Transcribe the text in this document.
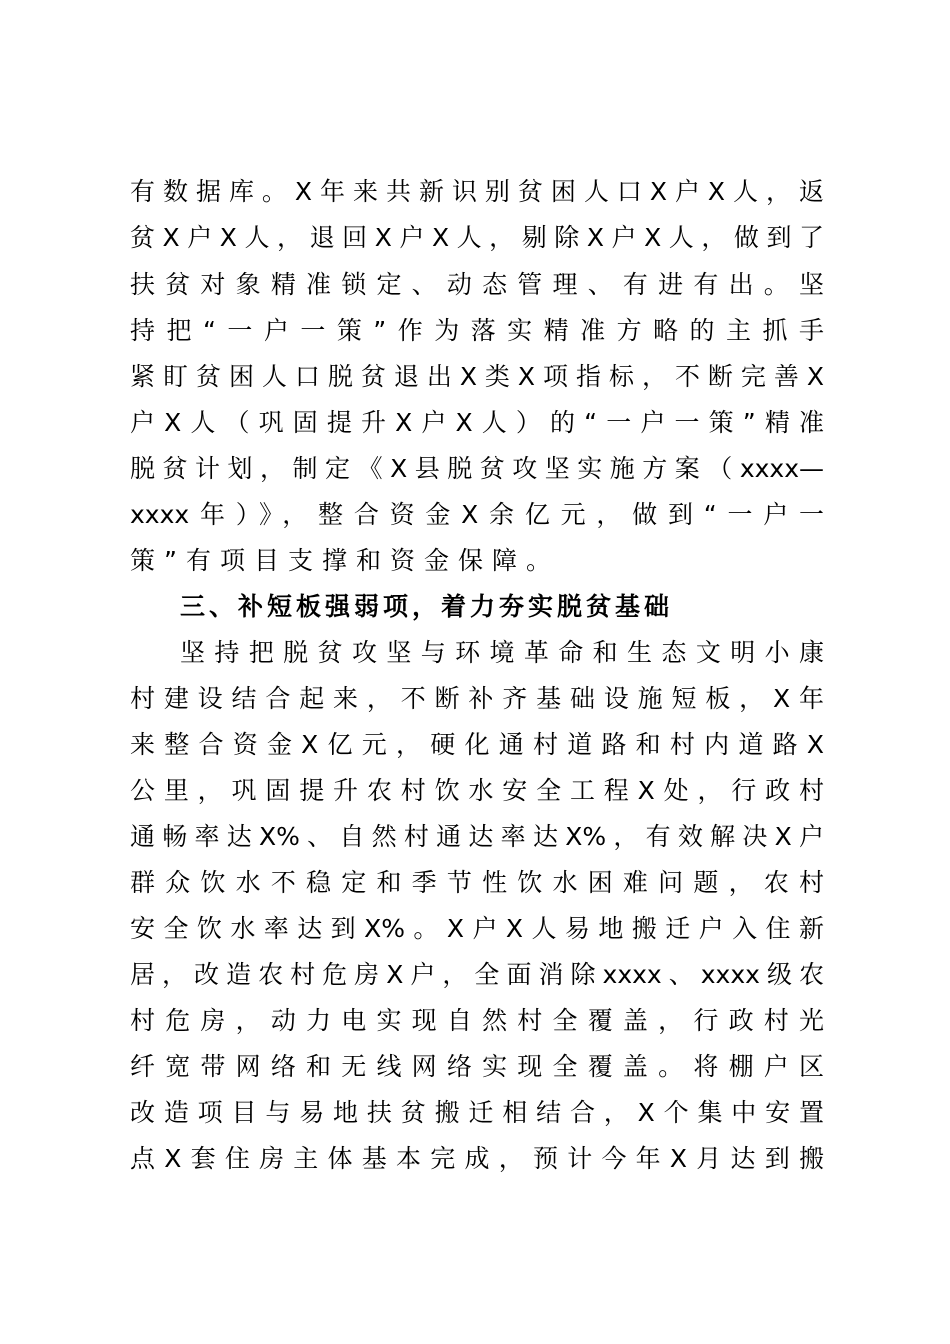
有数据库。X年来共新识别贫困人口X户X人，返
贫X户X人，退回X户X人，剔除X户X人，做到了
扶贫对象精准锁定、动态管理、有进有出。坚
持把“一户一策”作为落实精准方略的主抓手
紧盯贫困人口脱贫退出X类X项指标，不断完善X
户X人（巩固提升X户X人）的“一户一策”精准
脱贫计划，制定《X县脱贫攻坚实施方案（xxxx—
xxxx年）》，整合资金X余亿元，做到“一户一
策”有项目支撑和资金保障。
三、补短板强弱项，着力夯实脱贫基础
坚持把脱贫攻坚与环境革命和生态文明小康
村建设结合起来，不断补齐基础设施短板，X年
来整合资金X亿元，硬化通村道路和村内道路X
公里，巩固提升农村饮水安全工程X处，行政村
通畅率达X%、自然村通达率达X%，有效解决X户
群众饮水不稳定和季节性饮水困难问题，农村
安全饮水率达到X%。X户X人易地搬迁户入住新
居，改造农村危房X户，全面消除xxxx、xxxx级农
村危房，动力电实现自然村全覆盖，行政村光
纤宽带网络和无线网络实现全覆盖。将棚户区
改造项目与易地扶贫搬迁相结合，X个集中安置
点X套住房主体基本完成，预计今年X月达到搬
